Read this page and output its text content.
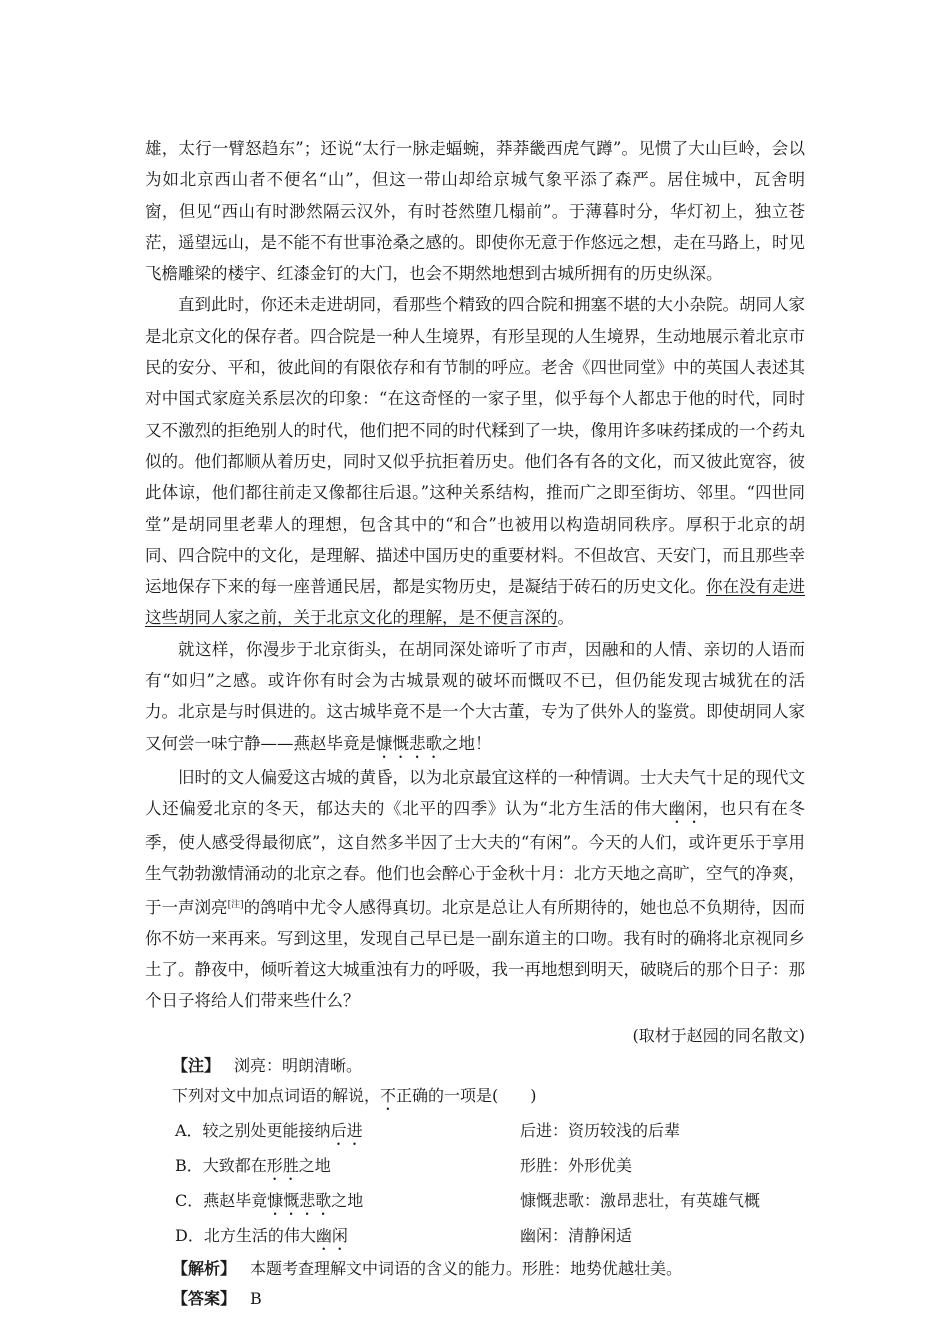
雄，太行一臂怒趋东”；还说“太行一脉走蝠蜿，莽莽畿西虎气蹲”。见惯了大山巨岭，会以为如北京西山者不便名“山”，但这一带山却给京城气象平添了森严。居住城中，瓦舍明窗，但见“西山有时渺然隔云汉外，有时苍然堕几榻前”。于薄暮时分，华灯初上，独立苍茫，遥望远山，是不能不有世事沧桑之感的。即使你无意于作悠远之想，走在马路上，时见飞檐雕梁的楼宇、红漆金钉的大门，也会不期然地想到古城所拥有的历史纵深。

直到此时，你还未走进胡同，看那些个精致的四合院和拥塞不堪的大小杂院。胡同人家是北京文化的保存者。四合院是一种人生境界，有形呈现的人生境界，生动地展示着北京市民的安分、平和，彼此间的有限依存和有节制的呼应。老舍《四世同堂》中的英国人表述其对中国式家庭关系层次的印象：“在这奇怪的一家子里，似乎每个人都忠于他的时代，同时又不激烈的拒绝别人的时代，他们把不同的时代糅到了一块，像用许多味药揉成的一个药丸似的。他们都顺从着历史，同时又似乎抗拒着历史。他们各有各的文化，而又彼此宽容，彼此体谅，他们都往前走又像都往后退。”这种关系结构，推而广之即至街坊、邻里。“四世同堂”是胡同里老辈人的理想，包含其中的“和合”也被用以构造胡同秩序。厚积于北京的胡同、四合院中的文化，是理解、描述中国历史的重要材料。不但故宫、天安门，而且那些幸运地保存下来的每一座普通民居，都是实物历史，是凝结于砖石的历史文化。你在没有走进这些胡同人家之前，关于北京文化的理解，是不便言深的。

就这样，你漫步于北京街头，在胡同深处谛听了市声，因融和的人情、亲切的人语而有“如归”之感。或许你有时会为古城景观的破坏而慨叹不已，但仍能发现古城犹在的活力。北京是与时俱进的。这古城毕竟不是一个大古董，专为了供外人的鉴赏。即使胡同人家又何尝一味宁静——燕赵毕竟是慷慨悲歌之地！

旧时的文人偏爱这古城的黄昏，以为北京最宜这样的一种情调。士大夫气十足的现代文人还偏爱北京的冬天，郁达夫的《北平的四季》认为“北方生活的伟大幽闲，也只有在冬季，使人感受得最彻底”，这自然多半因了士大夫的“有闲”。今天的人们，或许更乐于享用生气勃勃激情涌动的北京之春。他们也会醉心于金秋十月：北方天地之高旷，空气的净爽，于一声浏亮[注]的鸽哨中尤令人感得真切。北京是总让人有所期待的，她也总不负期待，因而你不妨一来再来。写到这里，发现自己早已是一副东道主的口吻。我有时的确将北京视同乡土了。静夜中，倾听着这大城重浊有力的呼吸，我一再地想到明天，破晓后的那个日子：那个日子将给人们带来些什么？

(取材于赵园的同名散文)

【注】 浏亮：明朗清晰。

下列对文中加点词语的解说，不正确的一项是(　　)

A．较之别处更能接纳后进	后进：资历较浅的后辈
B．大致都在形胜之地	形胜：外形优美
C．燕赵毕竟慷慨悲歌之地	慷慨悲歌：激昂悲壮，有英雄气概
D．北方生活的伟大幽闲	幽闲：清静闲适

【解析】 本题考查理解文中词语的含义的能力。形胜：地势优越壮美。

【答案】 B
